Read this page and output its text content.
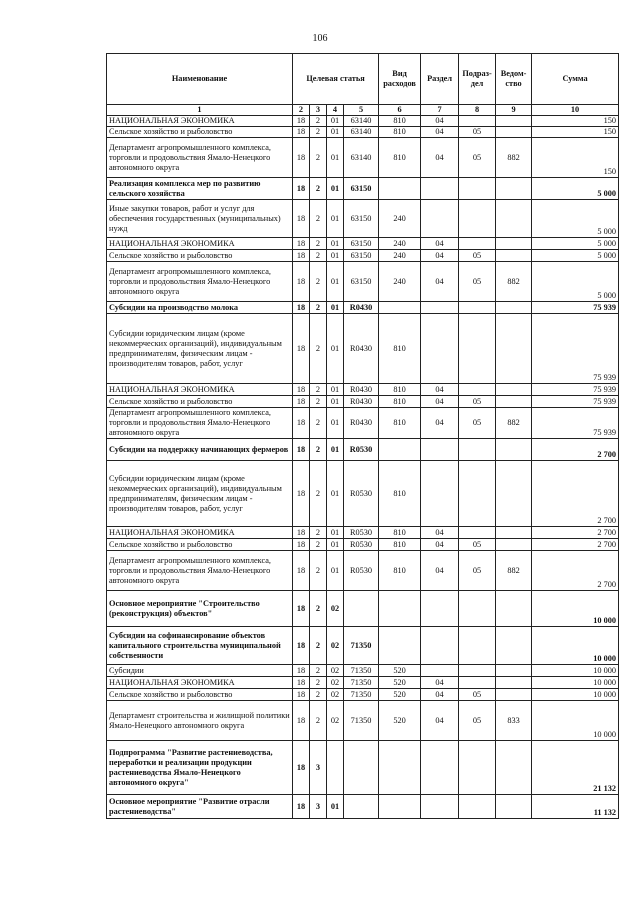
106
Наименование	Целевая статья				Вид расходов	Раздел	Подраз-дел	Ведом-ство	Сумма
1	2	3	4	5	6	7	8	9	10
НАЦИОНАЛЬНАЯ ЭКОНОМИКА	18	2	01	63140	810	04			150
Сельское хозяйство и рыболовство	18	2	01	63140	810	04	05		150
Департамент агропромышленного комплекса, торговли и продовольствия Ямало-Ненецкого автономного округа	18	2	01	63140	810	04	05	882	150
Реализация комплекса мер по развитию сельского хозяйства	18	2	01	63150					5 000
Иные закупки товаров, работ и услуг для обеспечения государственных (муниципальных) нужд	18	2	01	63150	240				5 000
НАЦИОНАЛЬНАЯ ЭКОНОМИКА	18	2	01	63150	240	04			5 000
Сельское хозяйство и рыболовство	18	2	01	63150	240	04	05		5 000
Департамент агропромышленного комплекса, торговли и продовольствия Ямало-Ненецкого автономного округа	18	2	01	63150	240	04	05	882	5 000
Субсидии на производство молока	18	2	01	R0430					75 939
Субсидии юридическим лицам (кроме некоммерческих организаций), индивидуальным предпринимателям, физическим лицам - производителям товаров, работ, услуг	18	2	01	R0430	810				75 939
НАЦИОНАЛЬНАЯ ЭКОНОМИКА	18	2	01	R0430	810	04			75 939
Сельское хозяйство и рыболовство	18	2	01	R0430	810	04	05		75 939
Департамент агропромышленного комплекса, торговли и продовольствия Ямало-Ненецкого автономного округа	18	2	01	R0430	810	04	05	882	75 939
Субсидии на поддержку начинающих фермеров	18	2	01	R0530					2 700
Субсидии юридическим лицам (кроме некоммерческих организаций), индивидуальным предпринимателям, физическим лицам - производителям товаров, работ, услуг	18	2	01	R0530	810				2 700
НАЦИОНАЛЬНАЯ ЭКОНОМИКА	18	2	01	R0530	810	04			2 700
Сельское хозяйство и рыболовство	18	2	01	R0530	810	04	05		2 700
Департамент агропромышленного комплекса, торговли и продовольствия Ямало-Ненецкого автономного округа	18	2	01	R0530	810	04	05	882	2 700
Основное мероприятие "Строительство (реконструкция) объектов"	18	2	02						10 000
Субсидии на софинансирование объектов капитального строительства муниципальной собственности	18	2	02	71350					10 000
Субсидии	18	2	02	71350	520				10 000
НАЦИОНАЛЬНАЯ ЭКОНОМИКА	18	2	02	71350	520	04			10 000
Сельское хозяйство и рыболовство	18	2	02	71350	520	04	05		10 000
Департамент строительства и жилищной политики Ямало-Ненецкого автономного округа	18	2	02	71350	520	04	05	833	10 000
Подпрограмма "Развитие растениеводства, переработки и реализации продукции растениеводства Ямало-Ненецкого автономного округа"	18	3							21 132
Основное мероприятие "Развитие отрасли растениеводства"	18	3	01						11 132
